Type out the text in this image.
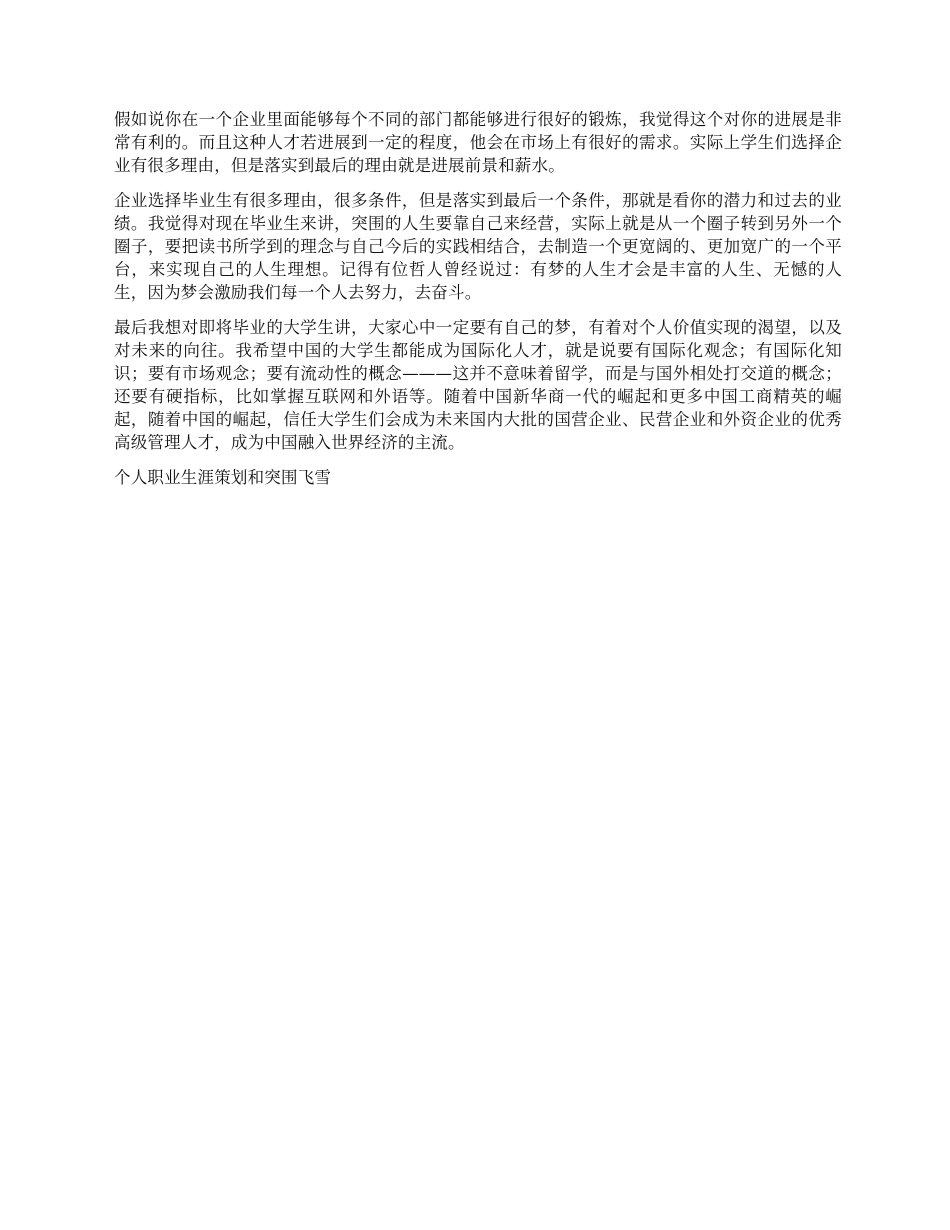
假如说你在一个企业里面能够每个不同的部门都能够进行很好的锻炼，我觉得这个对你的进展是非常有利的。而且这种人才若进展到一定的程度，他会在市场上有很好的需求。实际上学生们选择企业有很多理由，但是落实到最后的理由就是进展前景和薪水。

企业选择毕业生有很多理由，很多条件，但是落实到最后一个条件，那就是看你的潜力和过去的业绩。我觉得对现在毕业生来讲，突围的人生要靠自己来经营，实际上就是从一个圈子转到另外一个圈子，要把读书所学到的理念与自己今后的实践相结合，去制造一个更宽阔的、更加宽广的一个平台，来实现自己的人生理想。记得有位哲人曾经说过：有梦的人生才会是丰富的人生、无憾的人生，因为梦会激励我们每一个人去努力，去奋斗。

最后我想对即将毕业的大学生讲，大家心中一定要有自己的梦，有着对个人价值实现的渴望，以及对未来的向往。我希望中国的大学生都能成为国际化人才，就是说要有国际化观念；有国际化知识；要有市场观念；要有流动性的概念———这并不意味着留学，而是与国外相处打交道的概念；还要有硬指标，比如掌握互联网和外语等。随着中国新华商一代的崛起和更多中国工商精英的崛起，随着中国的崛起，信任大学生们会成为未来国内大批的国营企业、民营企业和外资企业的优秀高级管理人才，成为中国融入世界经济的主流。

个人职业生涯策划和突围飞雪
